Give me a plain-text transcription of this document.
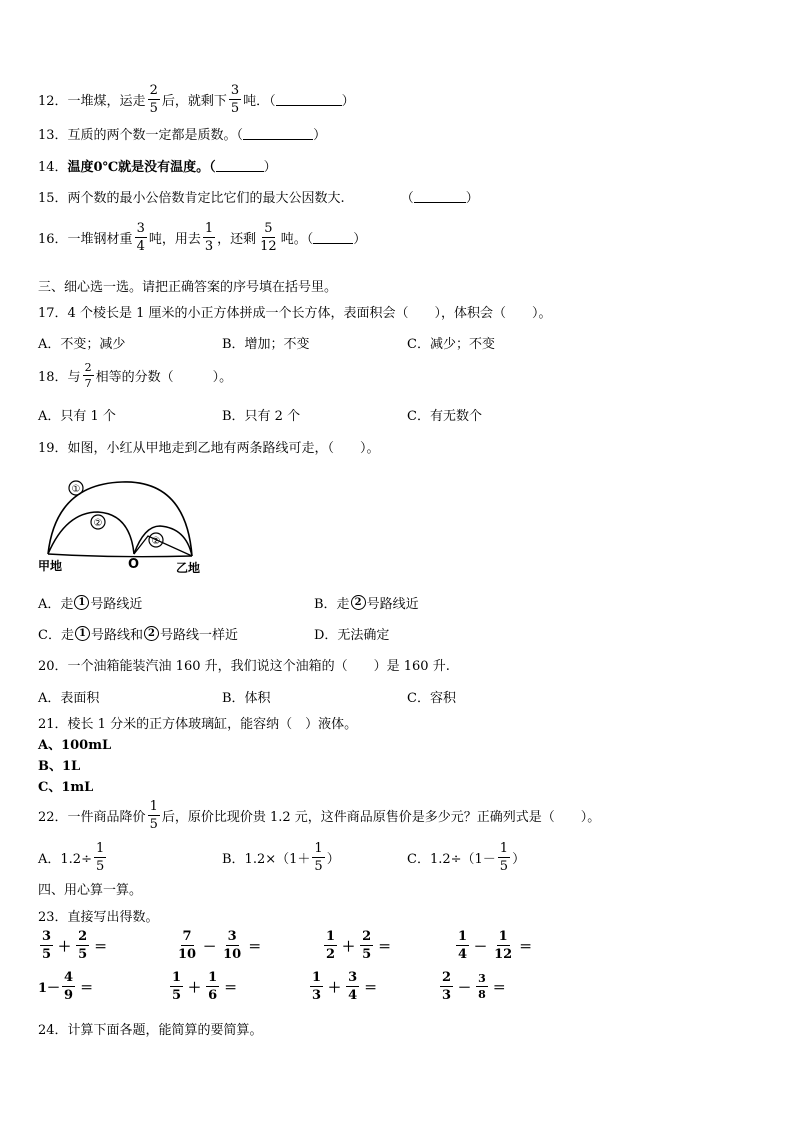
12． 一堆煤，运走 $\frac{2}{5}$ 后，就剩下 $\frac{3}{5}$ 吨．（	）
13． 互质的两个数一定都是质数。（	）
14． 温度0℃就是没有温度。（	）
15． 两个数的最小公倍数肯定比它们的最大公因数大.	（	）
16． 一堆钢材重 $\frac{3}{4}$ 吨，用去 $\frac{1}{3}$ ，还剩 $\frac{5}{12}$ 吨。（	）
三、细心选一选。请把正确答案的序号填在括号里。
17．4 个棱长是 1 厘米的小正方体拼成一个长方体，表面积会（　　），体积会（　　）。
A．不变；减少	B．增加；不变	C．减少；不变
18． 与 $\frac{2}{7}$ 相等的分数（　　　）。
A．只有 1 个	B．只有 2 个	C．有无数个
19．如图，小红从甲地走到乙地有两条路线可走，（　　）。
①
②
②
甲地	O	乙地
A．走 1 号路线近	B．走 2 号路线近
C．走 1 号路线和 2 号路线一样近	D．无法确定
20．一个油箱能装汽油 160 升，我们说这个油箱的（　　）是 160 升.
A．表面积	B．体积	C．容积
21．棱长 1 分米的正方体玻璃缸，能容纳（　）液体。
A、100mL
B、1L
C、1mL
22． 一件商品降价 $\frac{1}{5}$ 后，原价比现价贵 1.2 元，这件商品原售价是多少元？正确列式是（　　）。
A．$1.2\div \frac{1}{5}$	B．$1.2\times(1+ \frac{1}{5}$ ）	C．$1.2\div(1- \frac{1}{5}$ ）
四、用心算一算。
23．直接写出得数。
$\frac{3}{5} + \frac{2}{5}$ ＝	$\frac{7}{10} - \frac{3}{10}$ ＝	$\frac{1}{2} + \frac{2}{5}$ ＝	$\frac{1}{4} - \frac{1}{12}$ ＝
$1- \frac{4}{9}$ ＝	$\frac{1}{5} + \frac{1}{6}$ ＝	$\frac{1}{3} + \frac{3}{4}$ ＝	$\frac{2}{3} - \frac{3}{8}$ ＝
24．计算下面各题，能简算的要简算。
